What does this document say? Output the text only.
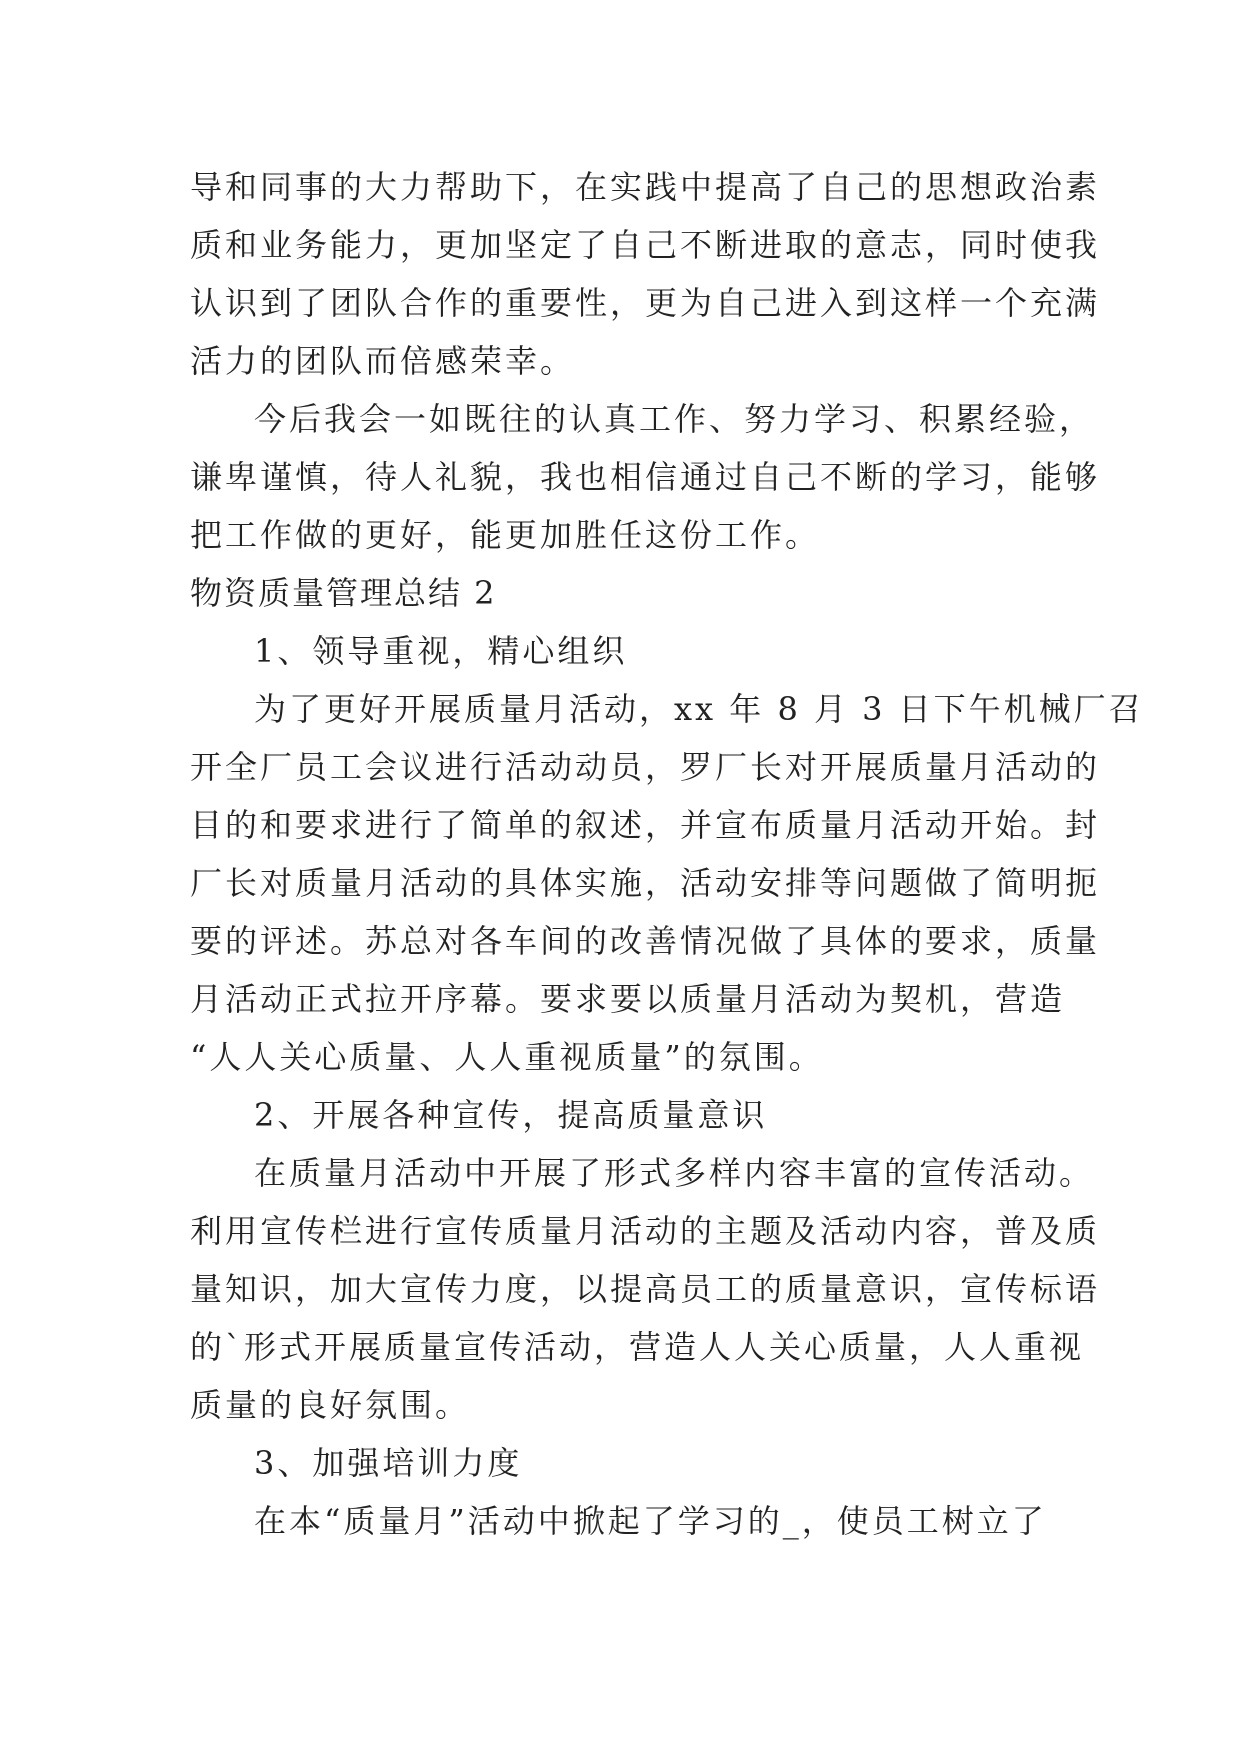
导和同事的大力帮助下，在实践中提高了自己的思想政治素
质和业务能力，更加坚定了自己不断进取的意志，同时使我
认识到了团队合作的重要性，更为自己进入到这样一个充满
活力的团队而倍感荣幸。
今后我会一如既往的认真工作、努力学习、积累经验，
谦卑谨慎，待人礼貌，我也相信通过自己不断的学习，能够
把工作做的更好，能更加胜任这份工作。
物资质量管理总结 2
1、领导重视，精心组织
为了更好开展质量月活动，xx 年 8 月 3 日下午机械厂召
开全厂员工会议进行活动动员，罗厂长对开展质量月活动的
目的和要求进行了简单的叙述，并宣布质量月活动开始。封
厂长对质量月活动的具体实施，活动安排等问题做了简明扼
要的评述。苏总对各车间的改善情况做了具体的要求，质量
月活动正式拉开序幕。要求要以质量月活动为契机，营造
“人人关心质量、人人重视质量”的氛围。
2、开展各种宣传，提高质量意识
在质量月活动中开展了形式多样内容丰富的宣传活动。
利用宣传栏进行宣传质量月活动的主题及活动内容，普及质
量知识，加大宣传力度，以提高员工的质量意识，宣传标语
的`形式开展质量宣传活动，营造人人关心质量，人人重视
质量的良好氛围。
3、加强培训力度
在本“质量月”活动中掀起了学习的_，使员工树立了
